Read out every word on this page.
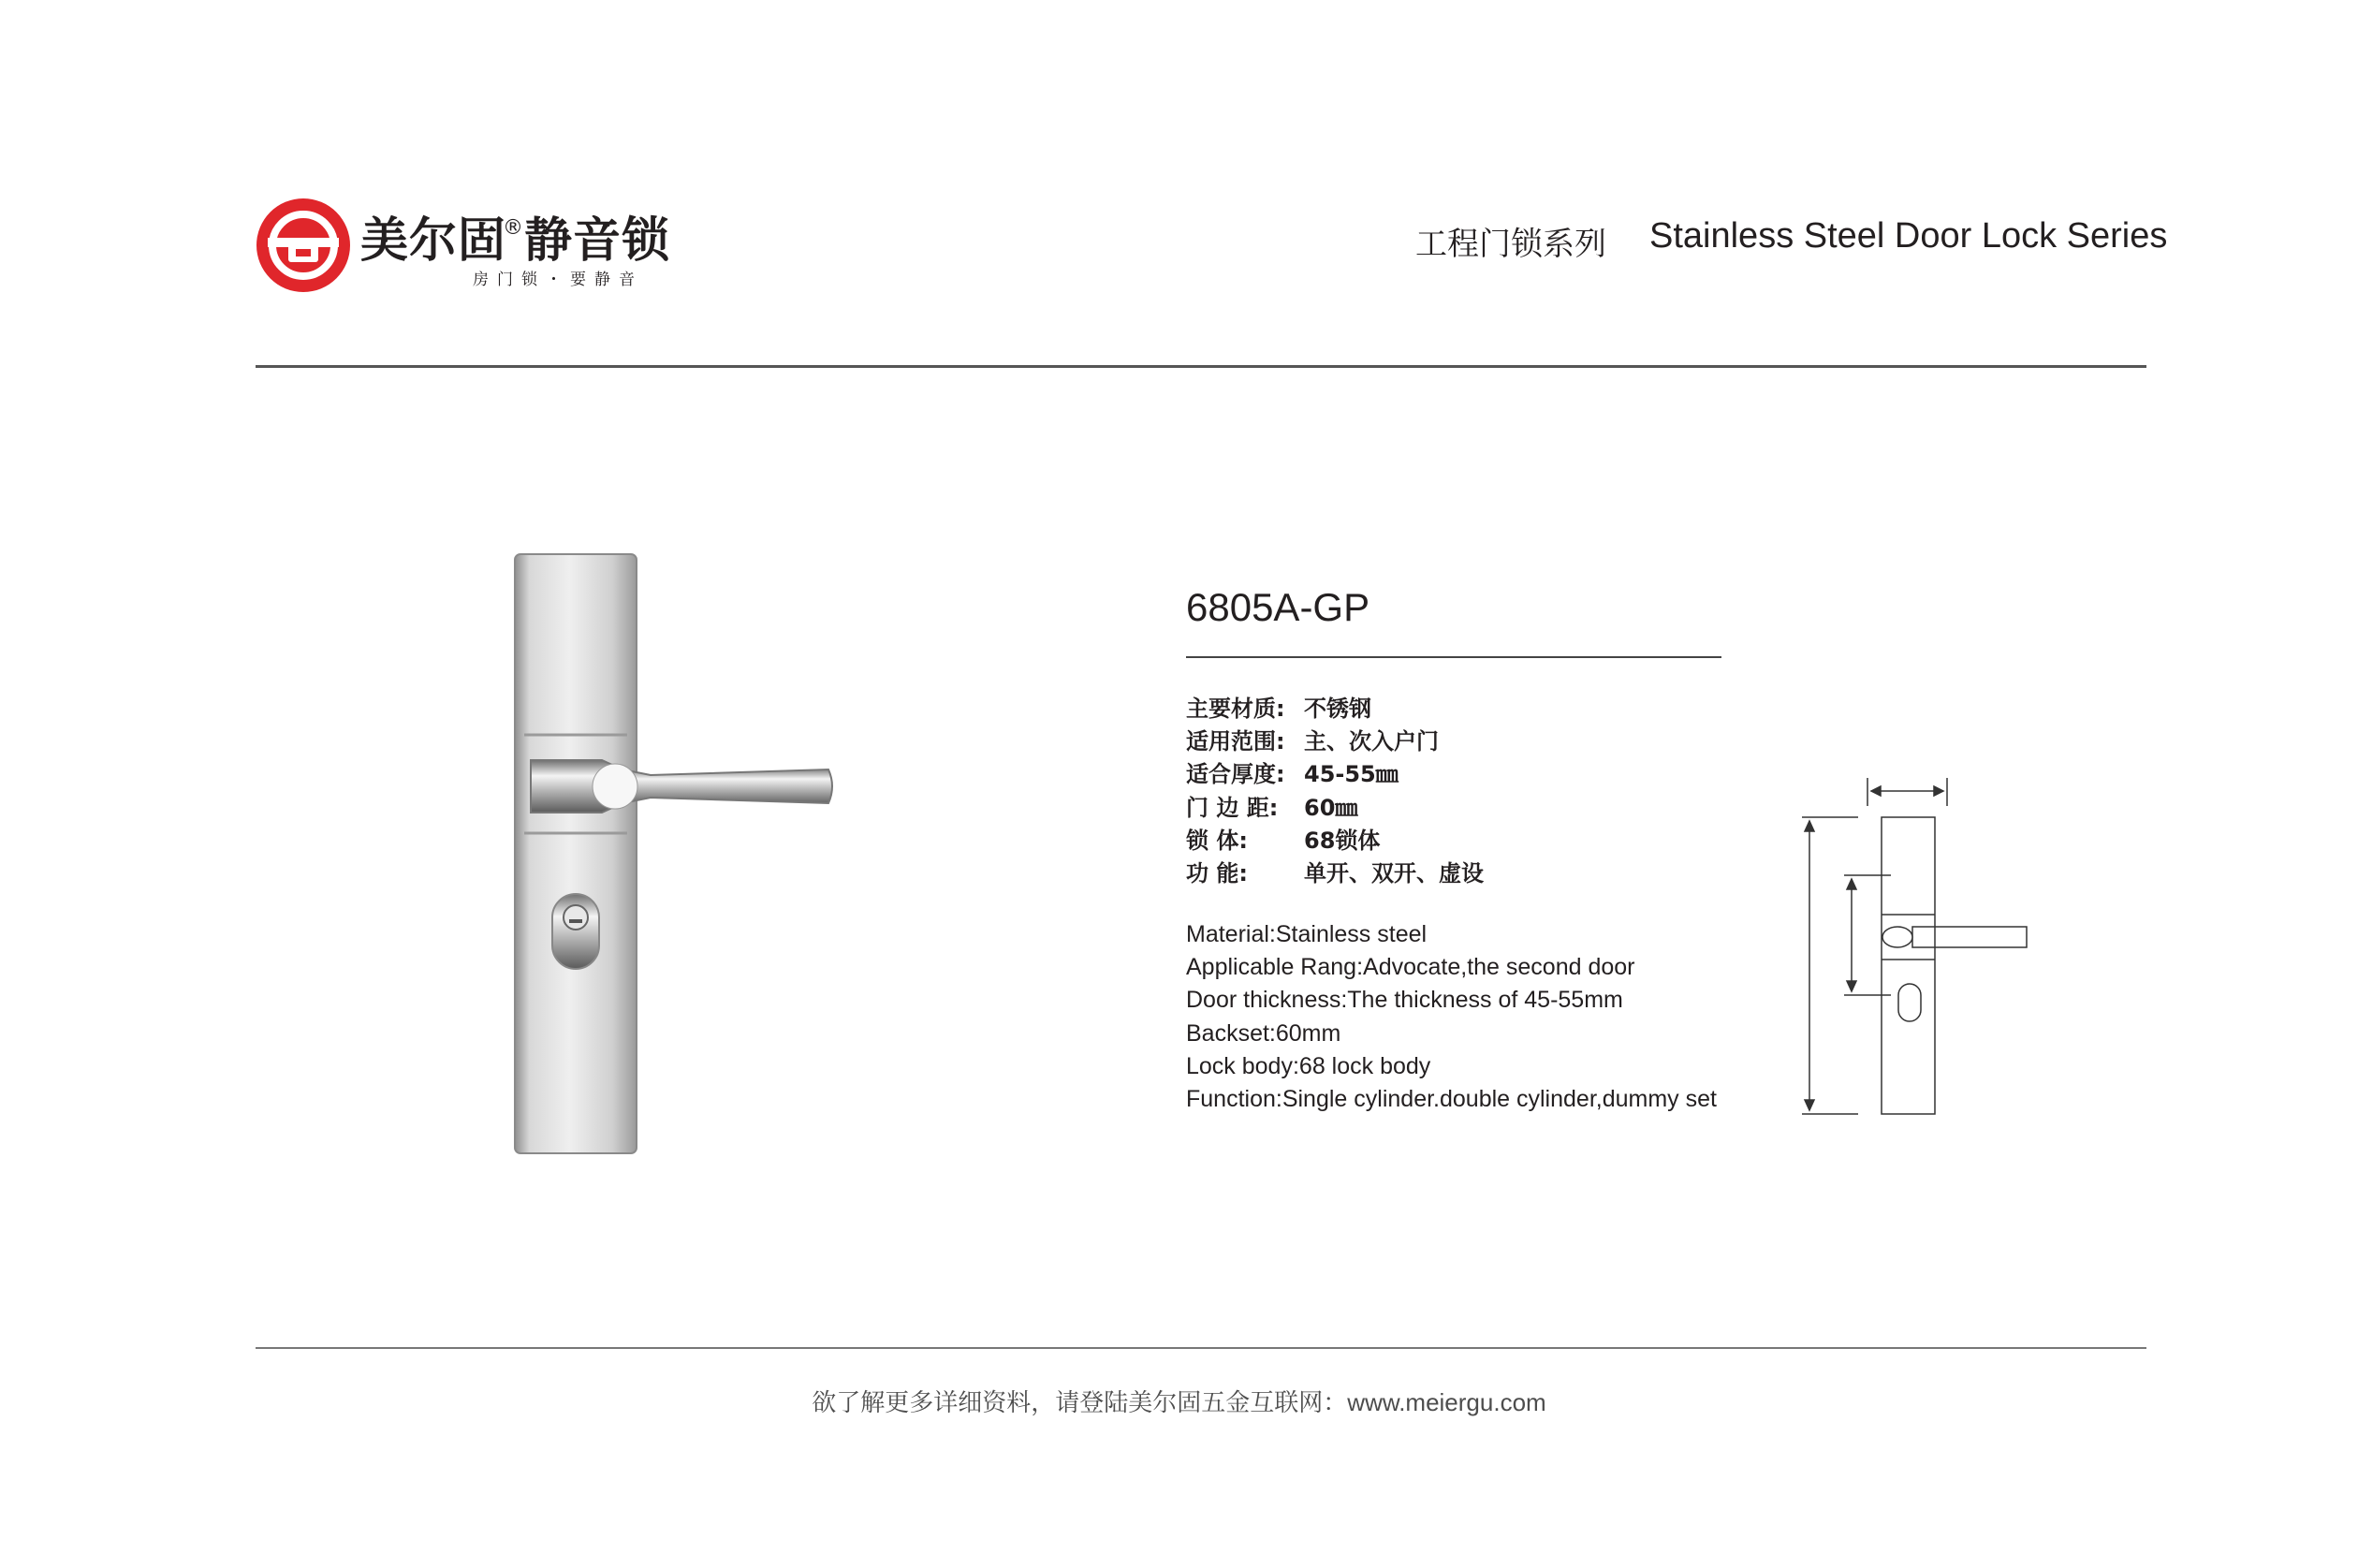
美尔固®静音锁
房门锁・要静音
工程门锁系列 Stainless Steel Door Lock Series
6805A-GP
主要材质: 不锈钢
适用范围: 主、次入户门
适合厚度: 45-55㎜
门 边 距: 60㎜
锁 体:	68锁体
功 能:	单开、双开、虚设
Material:Stainless steel
Applicable Rang:Advocate,the second door
Door thickness:The thickness of 45-55mm
Backset:60mm
Lock body:68 lock body
Function:Single cylinder.double cylinder,dummy set
欲了解更多详细资料，请登陆美尔固五金互联网：www.meiergu.com
